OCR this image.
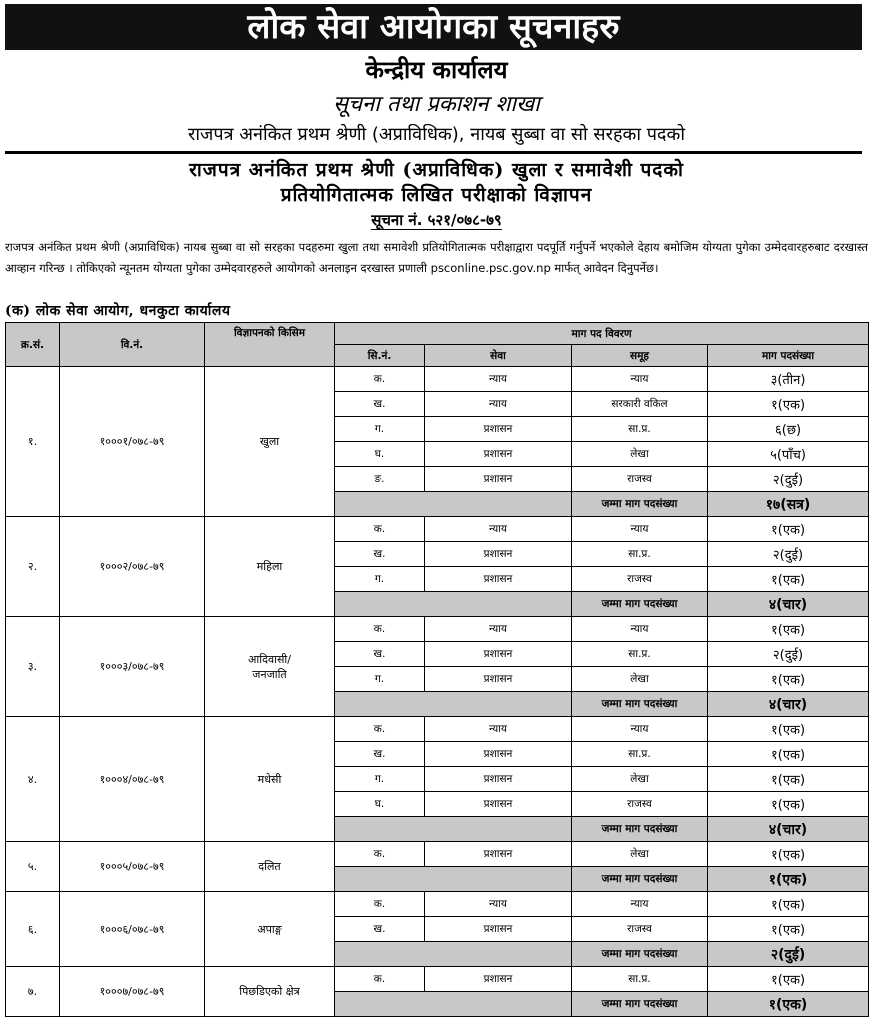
लोक सेवा आयोगका सूचनाहरु
केन्द्रीय कार्यालय
सूचना तथा प्रकाशन शाखा
राजपत्र अनंकित प्रथम श्रेणी (अप्राविधिक), नायब सुब्बा वा सो सरहका पदको
राजपत्र अनंकित प्रथम श्रेणी (अप्राविधिक) खुला र समावेशी पदको
प्रतियोगितात्मक लिखित परीक्षाको विज्ञापन
सूचना नं. ५२१/०७८-७९

राजपत्र अनंकित प्रथम श्रेणी (अप्राविधिक) नायब सुब्बा वा सो सरहका पदहरुमा खुला तथा समावेशी प्रतियोगितात्मक परीक्षाद्वारा पदपूर्ति गर्नुपर्ने भएकोले देहाय बमोजिम योग्यता पुगेका उम्मेदवारहरुबाट दरखास्त आव्हान गरिन्छ । तोकिएको न्यूनतम योग्यता पुगेका उम्मेदवारहरुले आयोगको अनलाइन दरखास्त प्रणाली psconline.psc.gov.np मार्फत् आवेदन दिनुपर्नेछ।

(क) लोक सेवा आयोग, धनकुटा कार्यालय
क्र.सं.	वि.नं.	विज्ञापनको किसिम	माग पद विवरण			
			सि.नं.	सेवा	समूह	माग पदसंख्या
१.	१०००१/०७८-७९	खुला	क.	न्याय	न्याय	३(तीन)
			ख.	न्याय	सरकारी वकिल	१(एक)
			ग.	प्रशासन	सा.प्र.	६(छ)
			घ.	प्रशासन	लेखा	५(पाँच)
			ङ.	प्रशासन	राजस्व	२(दुई)
					जम्मा माग पदसंख्या	१७(सत्र)
२.	१०००२/०७८-७९	महिला	क.	न्याय	न्याय	१(एक)
			ख.	प्रशासन	सा.प्र.	२(दुई)
			ग.	प्रशासन	राजस्व	१(एक)
					जम्मा माग पदसंख्या	४(चार)
३.	१०००३/०७८-७९	आदिवासी/
जनजाति	क.	न्याय	न्याय	१(एक)
			ख.	प्रशासन	सा.प्र.	२(दुई)
			ग.	प्रशासन	लेखा	१(एक)
					जम्मा माग पदसंख्या	४(चार)
४.	१०००४/०७८-७९	मधेसी	क.	न्याय	न्याय	१(एक)
			ख.	प्रशासन	सा.प्र.	१(एक)
			ग.	प्रशासन	लेखा	१(एक)
			घ.	प्रशासन	राजस्व	१(एक)
					जम्मा माग पदसंख्या	४(चार)
५.	१०००५/०७८-७९	दलित	क.	प्रशासन	लेखा	१(एक)
					जम्मा माग पदसंख्या	१(एक)
६.	१०००६/०७८-७९	अपाङ्ग	क.	न्याय	न्याय	१(एक)
			ख.	प्रशासन	राजस्व	१(एक)
					जम्मा माग पदसंख्या	२(दुई)
७.	१०००७/०७८-७९	पिछडिएको क्षेत्र	क.	प्रशासन	सा.प्र.	१(एक)
					जम्मा माग पदसंख्या	१(एक)
